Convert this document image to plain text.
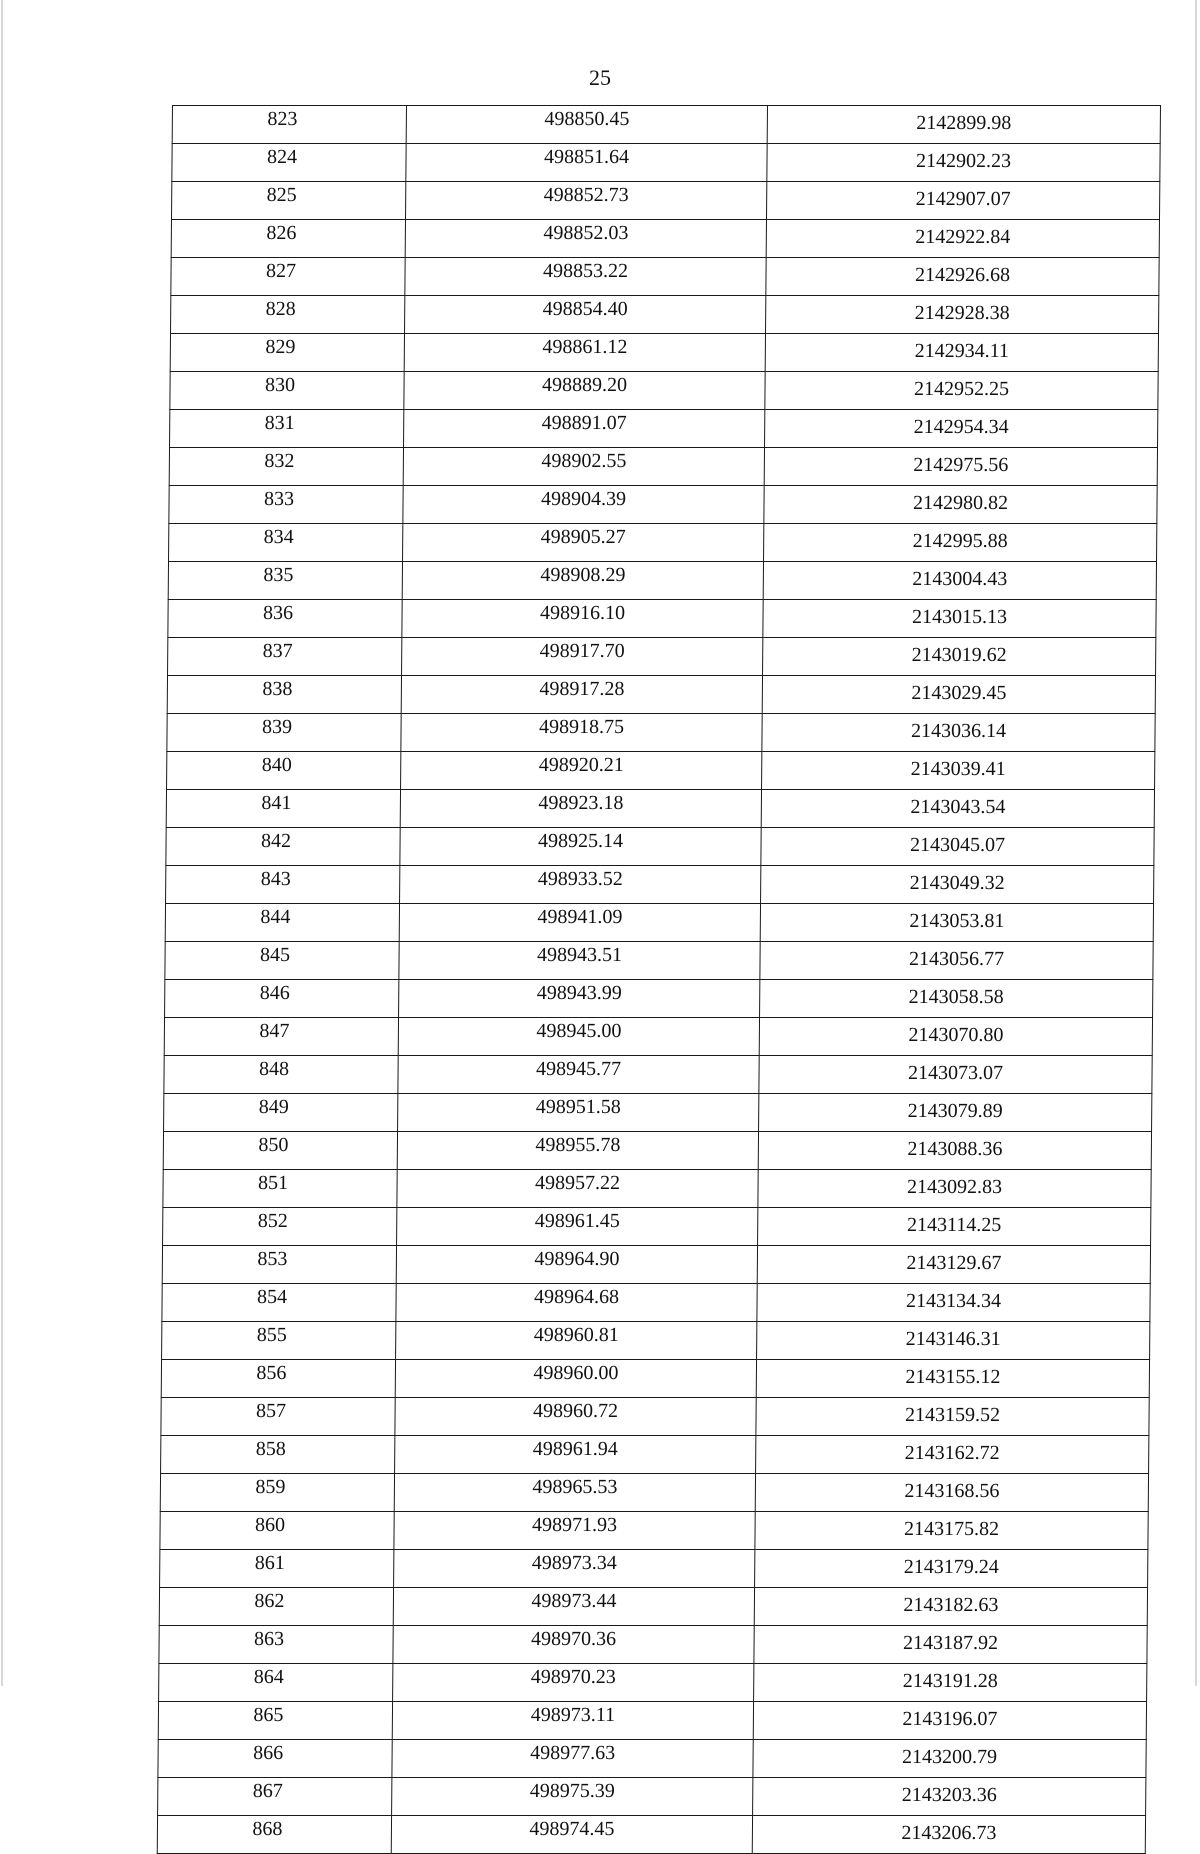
25
823	498850.45	2142899.98
824	498851.64	2142902.23
825	498852.73	2142907.07
826	498852.03	2142922.84
827	498853.22	2142926.68
828	498854.40	2142928.38
829	498861.12	2142934.11
830	498889.20	2142952.25
831	498891.07	2142954.34
832	498902.55	2142975.56
833	498904.39	2142980.82
834	498905.27	2142995.88
835	498908.29	2143004.43
836	498916.10	2143015.13
837	498917.70	2143019.62
838	498917.28	2143029.45
839	498918.75	2143036.14
840	498920.21	2143039.41
841	498923.18	2143043.54
842	498925.14	2143045.07
843	498933.52	2143049.32
844	498941.09	2143053.81
845	498943.51	2143056.77
846	498943.99	2143058.58
847	498945.00	2143070.80
848	498945.77	2143073.07
849	498951.58	2143079.89
850	498955.78	2143088.36
851	498957.22	2143092.83
852	498961.45	2143114.25
853	498964.90	2143129.67
854	498964.68	2143134.34
855	498960.81	2143146.31
856	498960.00	2143155.12
857	498960.72	2143159.52
858	498961.94	2143162.72
859	498965.53	2143168.56
860	498971.93	2143175.82
861	498973.34	2143179.24
862	498973.44	2143182.63
863	498970.36	2143187.92
864	498970.23	2143191.28
865	498973.11	2143196.07
866	498977.63	2143200.79
867	498975.39	2143203.36
868	498974.45	2143206.73
